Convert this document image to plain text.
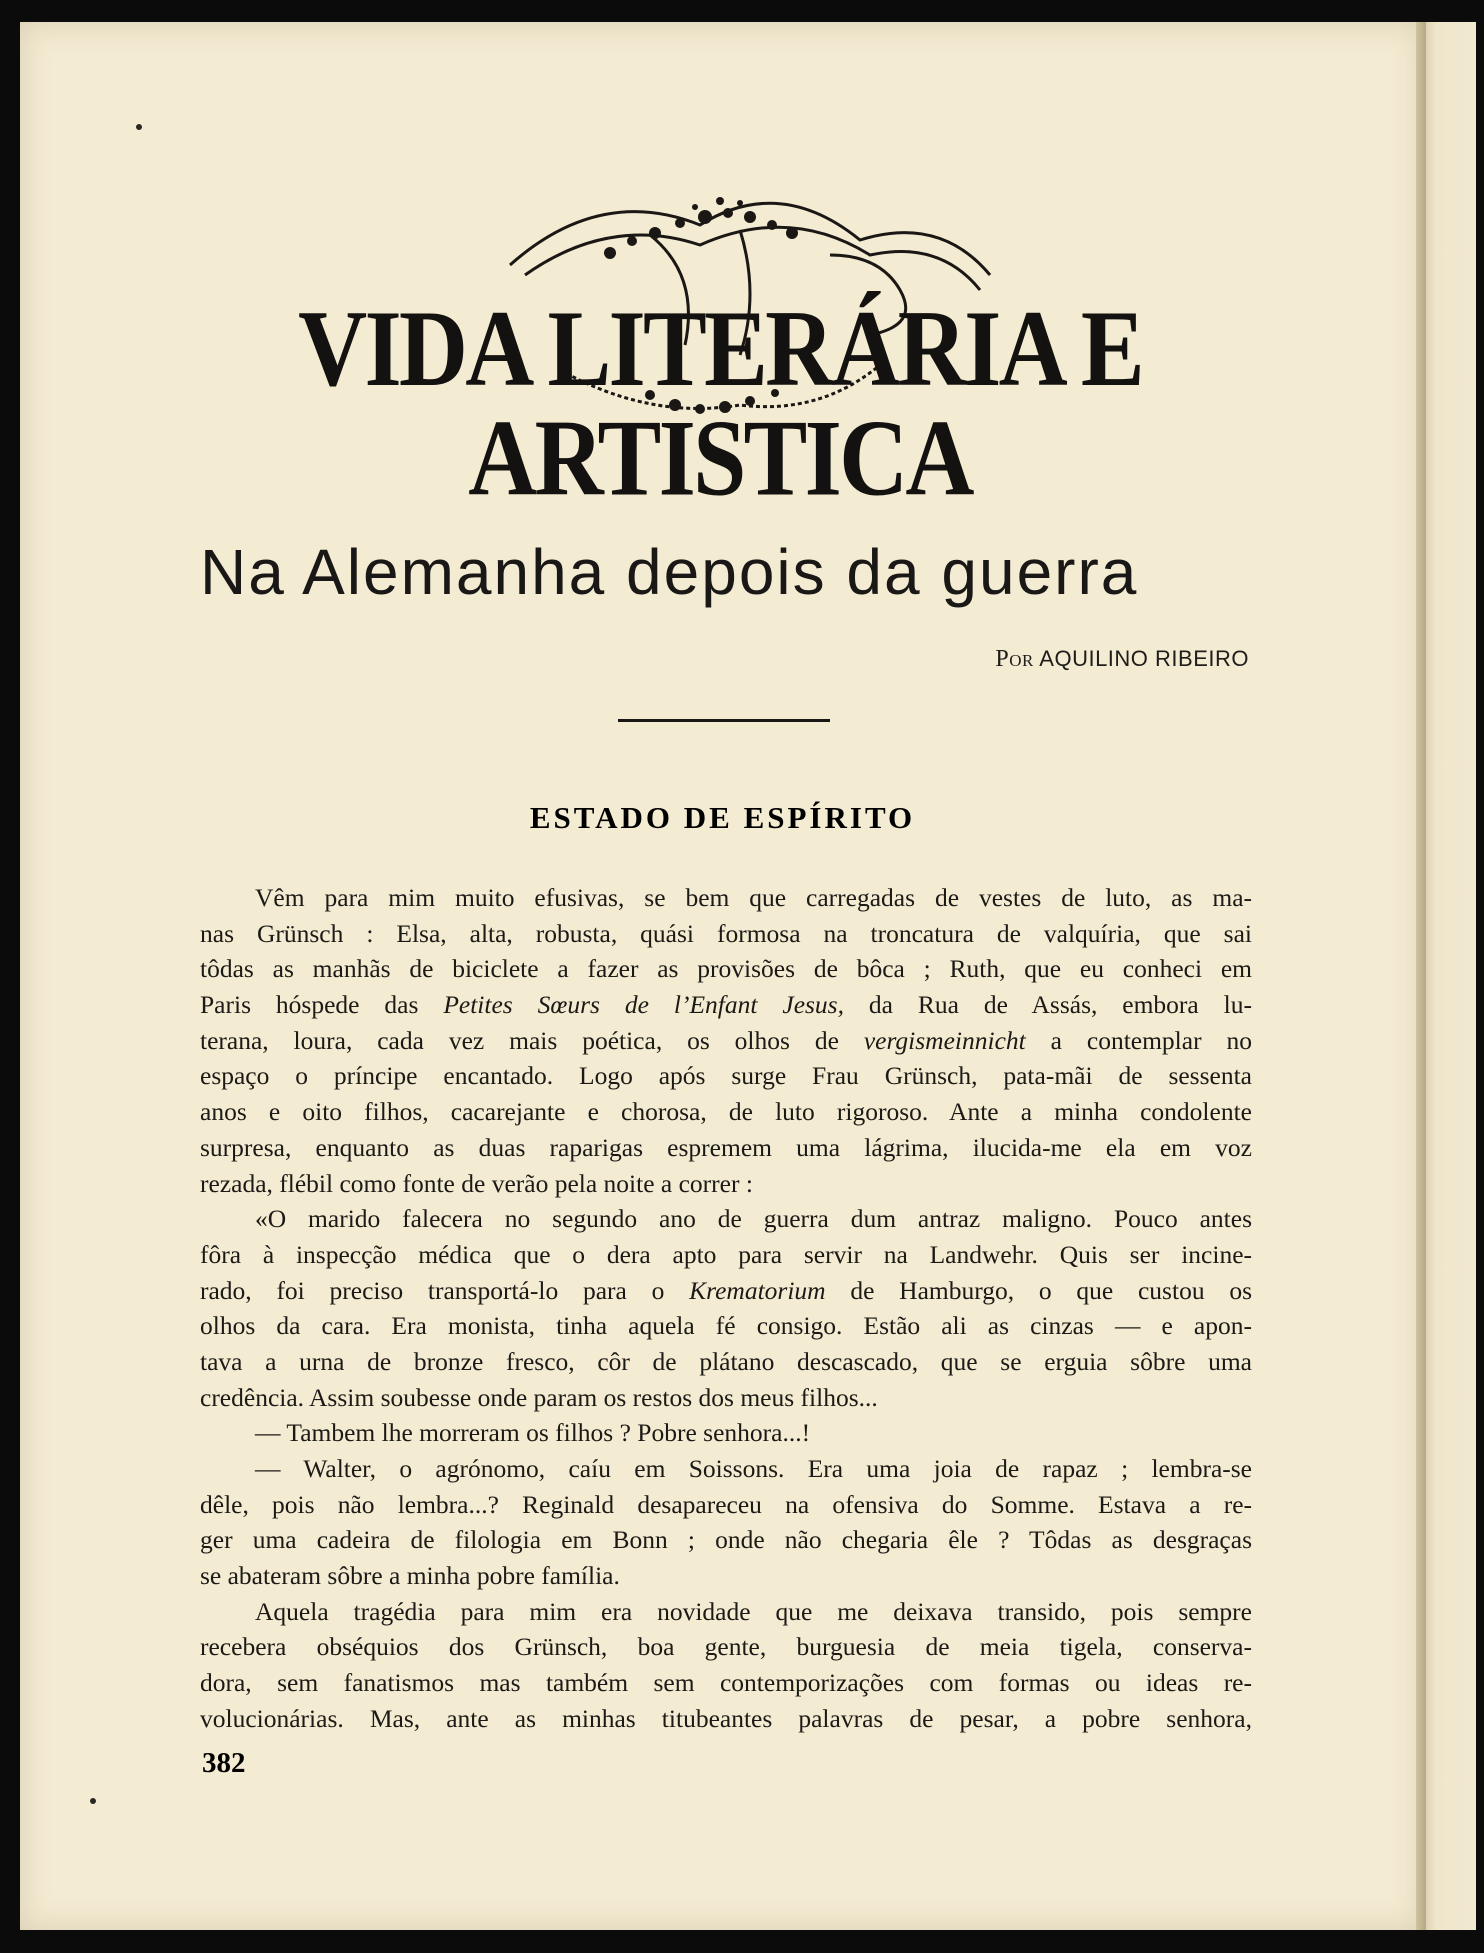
VIDA LITERÁRIA E ARTISTICA
Na Alemanha depois da guerra
Por AQUILINO RIBEIRO
ESTADO DE ESPÍRITO
Vêm para mim muito efusivas, se bem que carregadas de vestes de luto, as ma-
nas Grünsch : Elsa, alta, robusta, quási formosa na troncatura de valquíria, que sai
tôdas as manhãs de biciclete a fazer as provisões de bôca ; Ruth, que eu conheci em
Paris hóspede das Petites Sœurs de l’Enfant Jesus, da Rua de Assás, embora lu-
terana, loura, cada vez mais poética, os olhos de vergismeinnicht a contemplar no
espaço o príncipe encantado. Logo após surge Frau Grünsch, pata-mãi de sessenta
anos e oito filhos, cacarejante e chorosa, de luto rigoroso. Ante a minha condolente
surpresa, enquanto as duas raparigas espremem uma lágrima, ilucida-me ela em voz
rezada, flébil como fonte de verão pela noite a correr :
«O marido falecera no segundo ano de guerra dum antraz maligno. Pouco antes
fôra à inspecção médica que o dera apto para servir na Landwehr. Quis ser incine-
rado, foi preciso transportá-lo para o Krematorium de Hamburgo, o que custou os
olhos da cara. Era monista, tinha aquela fé consigo. Estão ali as cinzas — e apon-
tava a urna de bronze fresco, côr de plátano descascado, que se erguia sôbre uma
credência. Assim soubesse onde param os restos dos meus filhos...
— Tambem lhe morreram os filhos ? Pobre senhora...!
— Walter, o agrónomo, caíu em Soissons. Era uma joia de rapaz ; lembra-se
dêle, pois não lembra...? Reginald desapareceu na ofensiva do Somme. Estava a re-
ger uma cadeira de filologia em Bonn ; onde não chegaria êle ? Tôdas as desgraças
se abateram sôbre a minha pobre família.
Aquela tragédia para mim era novidade que me deixava transido, pois sempre
recebera obséquios dos Grünsch, boa gente, burguesia de meia tigela, conserva-
dora, sem fanatismos mas também sem contemporizações com formas ou ideas re-
volucionárias. Mas, ante as minhas titubeantes palavras de pesar, a pobre senhora,
382
